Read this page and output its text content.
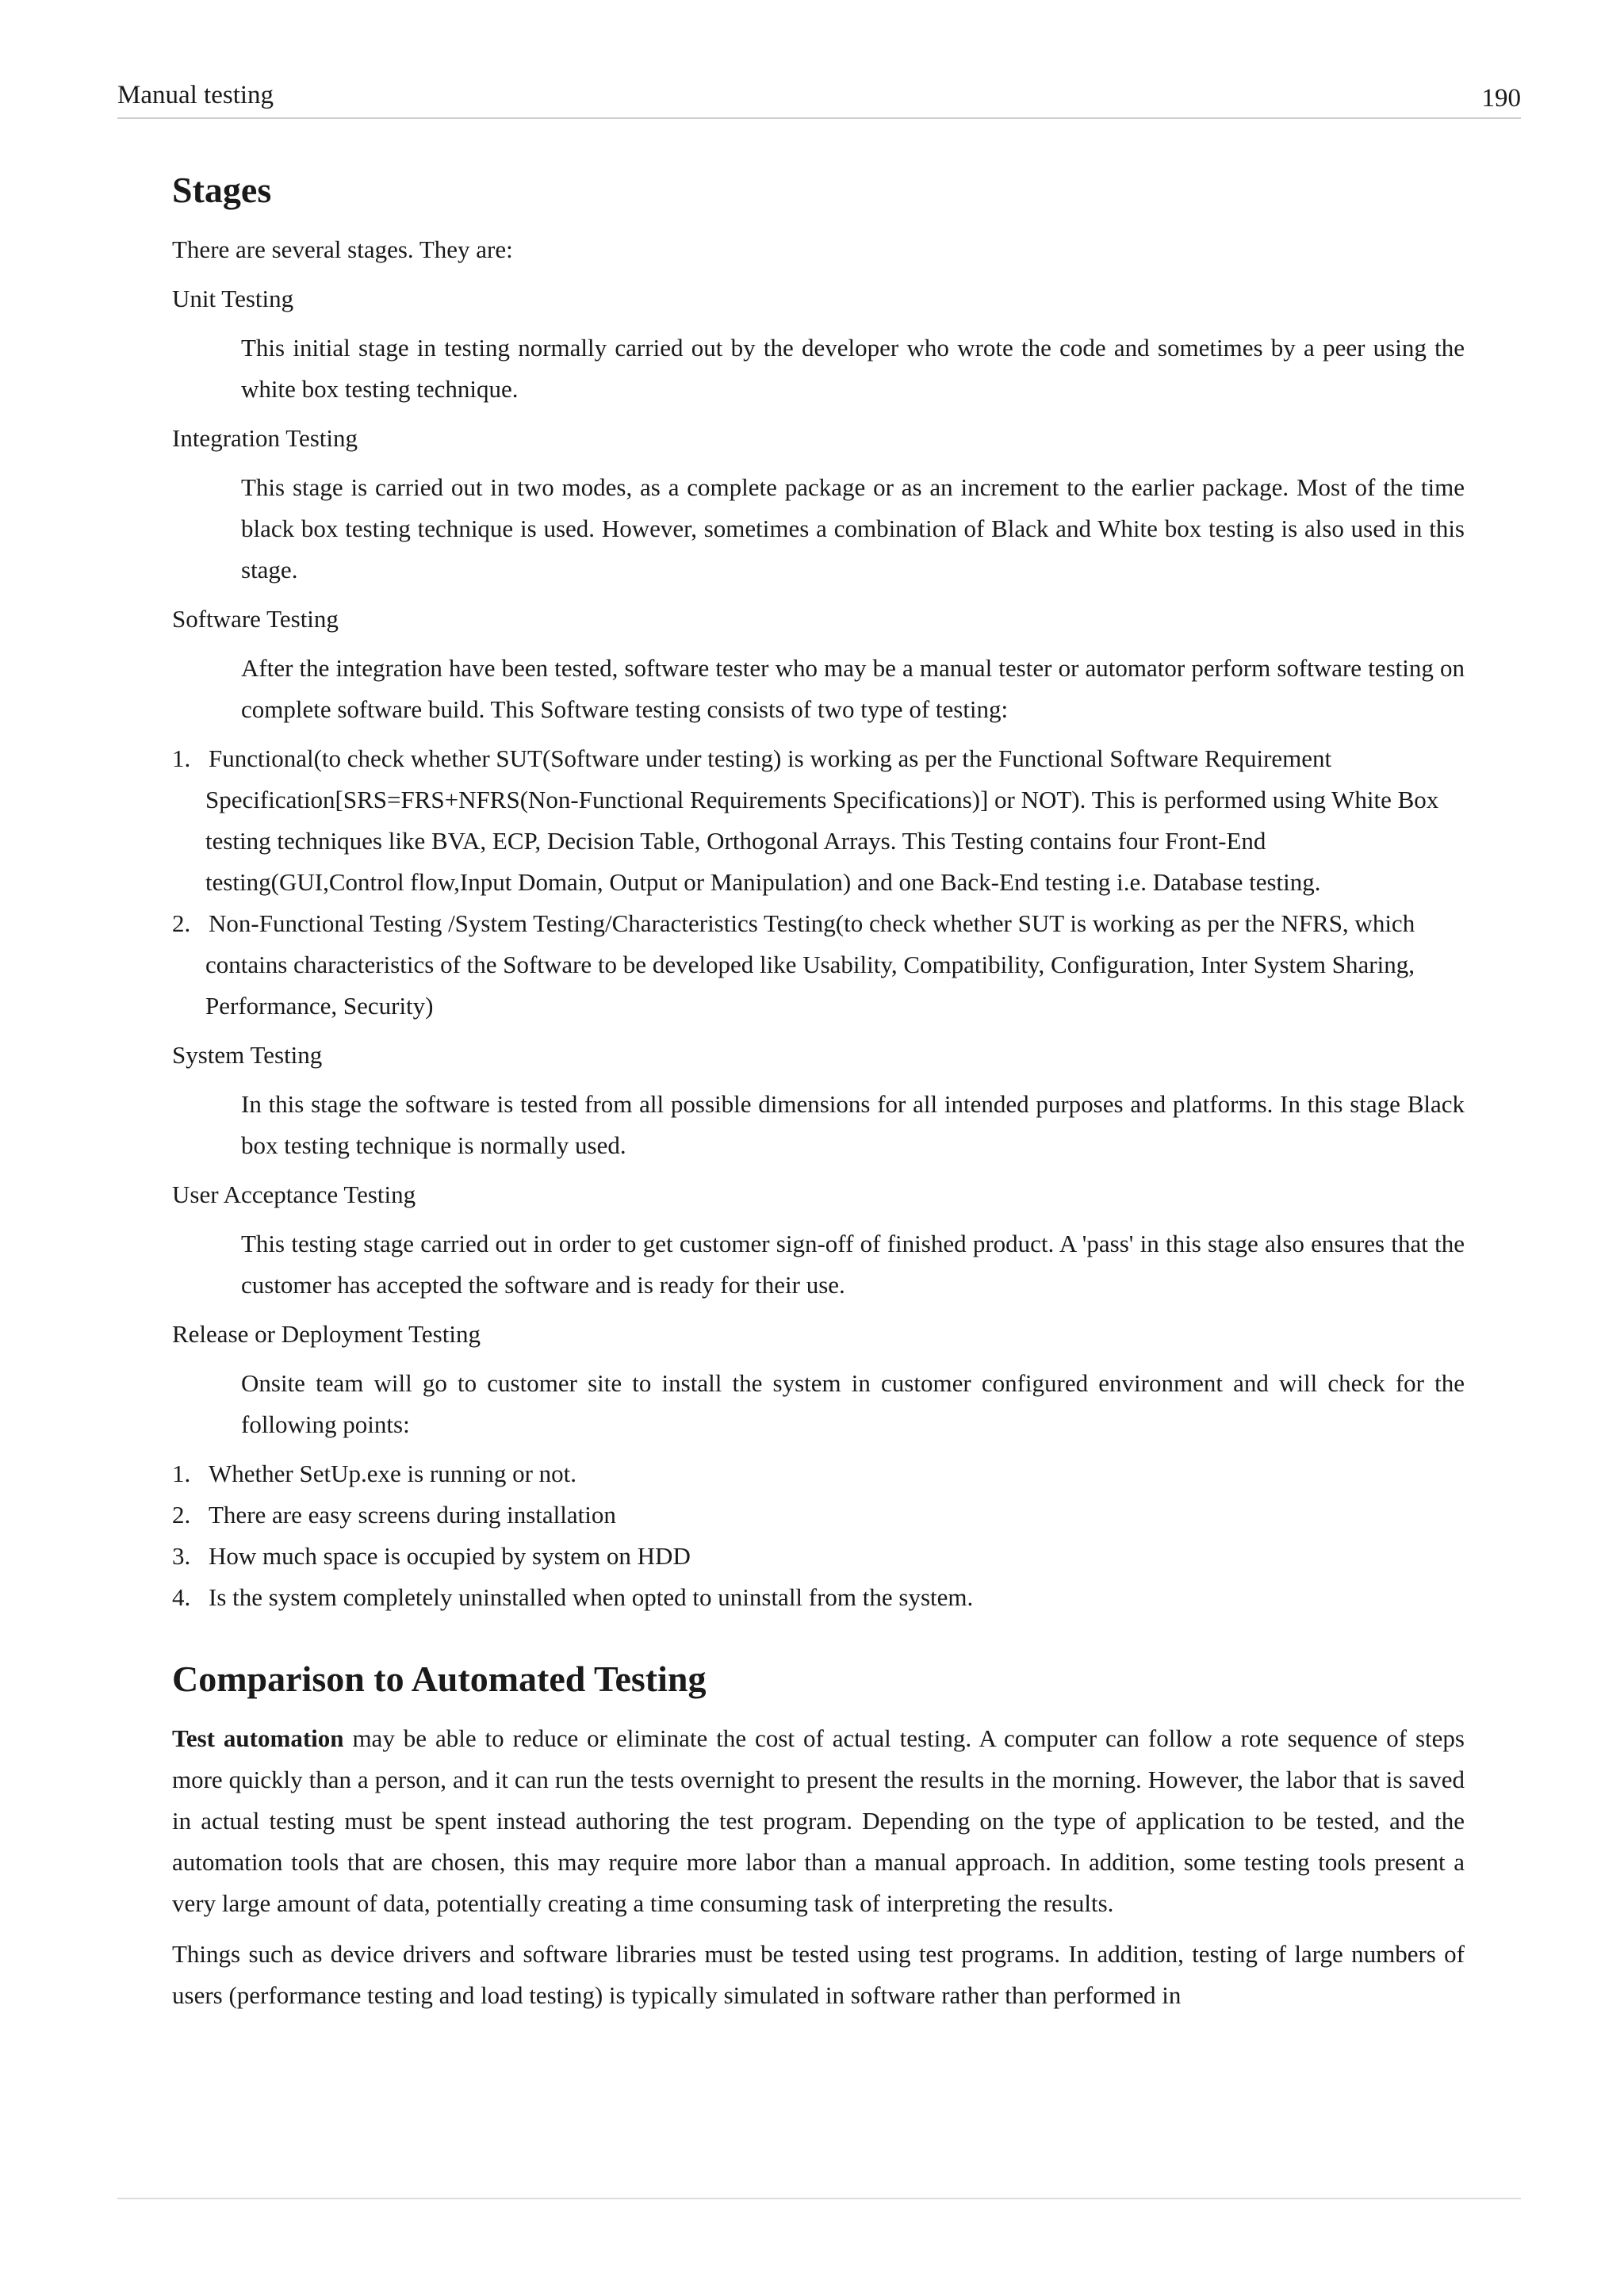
Manual testing	190
Stages

There are several stages. They are:

Unit Testing

This initial stage in testing normally carried out by the developer who wrote the code and sometimes by a peer using the white box testing technique.

Integration Testing

This stage is carried out in two modes, as a complete package or as an increment to the earlier package. Most of the time black box testing technique is used. However, sometimes a combination of Black and White box testing is also used in this stage.

Software Testing

After the integration have been tested, software tester who may be a manual tester or automator perform software testing on complete software build. This Software testing consists of two type of testing:

1. Functional(to check whether SUT(Software under testing) is working as per the Functional Software Requirement Specification[SRS=FRS+NFRS(Non-Functional Requirements Specifications)] or NOT). This is performed using White Box testing techniques like BVA, ECP, Decision Table, Orthogonal Arrays. This Testing contains four Front-End testing(GUI,Control flow,Input Domain, Output or Manipulation) and one Back-End testing i.e. Database testing.
2. Non-Functional Testing /System Testing/Characteristics Testing(to check whether SUT is working as per the NFRS, which contains characteristics of the Software to be developed like Usability, Compatibility, Configuration, Inter System Sharing, Performance, Security)
System Testing

In this stage the software is tested from all possible dimensions for all intended purposes and platforms. In this stage Black box testing technique is normally used.

User Acceptance Testing

This testing stage carried out in order to get customer sign-off of finished product. A 'pass' in this stage also ensures that the customer has accepted the software and is ready for their use.

Release or Deployment Testing

Onsite team will go to customer site to install the system in customer configured environment and will check for the following points:

1. Whether SetUp.exe is running or not.
2. There are easy screens during installation
3. How much space is occupied by system on HDD
4. Is the system completely uninstalled when opted to uninstall from the system.
Comparison to Automated Testing

Test automation may be able to reduce or eliminate the cost of actual testing. A computer can follow a rote sequence of steps more quickly than a person, and it can run the tests overnight to present the results in the morning. However, the labor that is saved in actual testing must be spent instead authoring the test program. Depending on the type of application to be tested, and the automation tools that are chosen, this may require more labor than a manual approach. In addition, some testing tools present a very large amount of data, potentially creating a time consuming task of interpreting the results.

Things such as device drivers and software libraries must be tested using test programs. In addition, testing of large numbers of users (performance testing and load testing) is typically simulated in software rather than performed in
